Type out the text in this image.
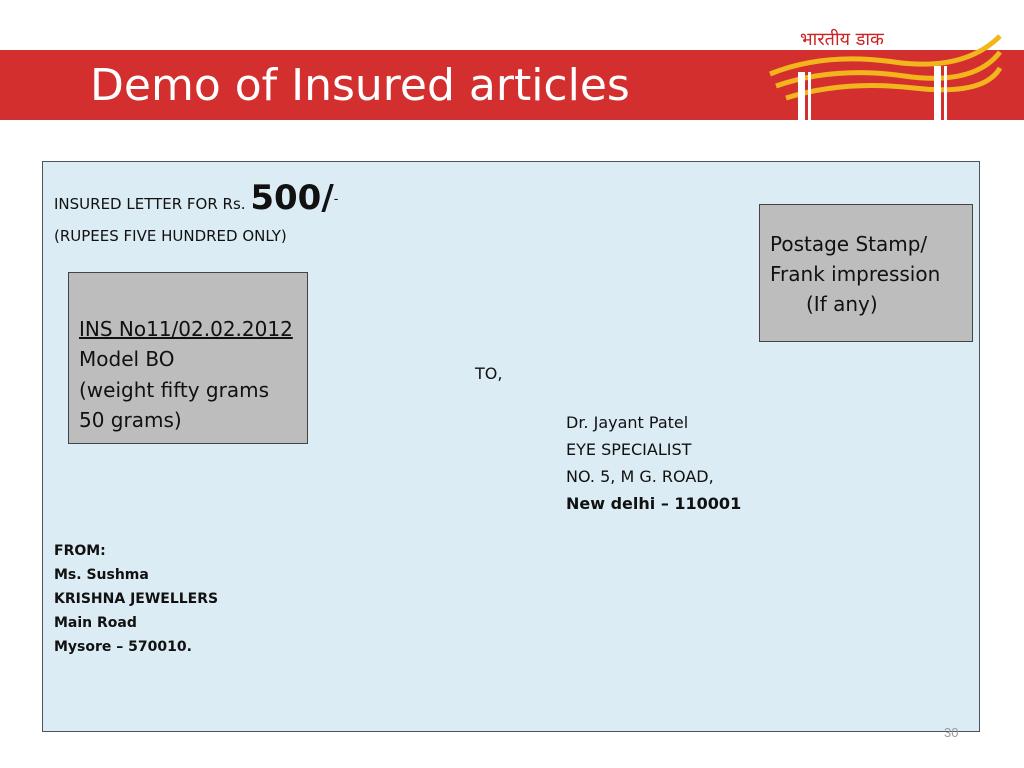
Demo of Insured articles
भारतीय डाक
INSURED LETTER FOR Rs. 500/-
(RUPEES FIVE HUNDRED ONLY)
INS No11/02.02.2012
Model BO
(weight fifty grams
50 grams)
Postage Stamp/
Frank impression
(If any)
TO,
Dr. Jayant Patel
EYE SPECIALIST
NO. 5, M G. ROAD,
New delhi – 110001
FROM:
Ms. Sushma
KRISHNA JEWELLERS
Main Road
Mysore – 570010.
30
